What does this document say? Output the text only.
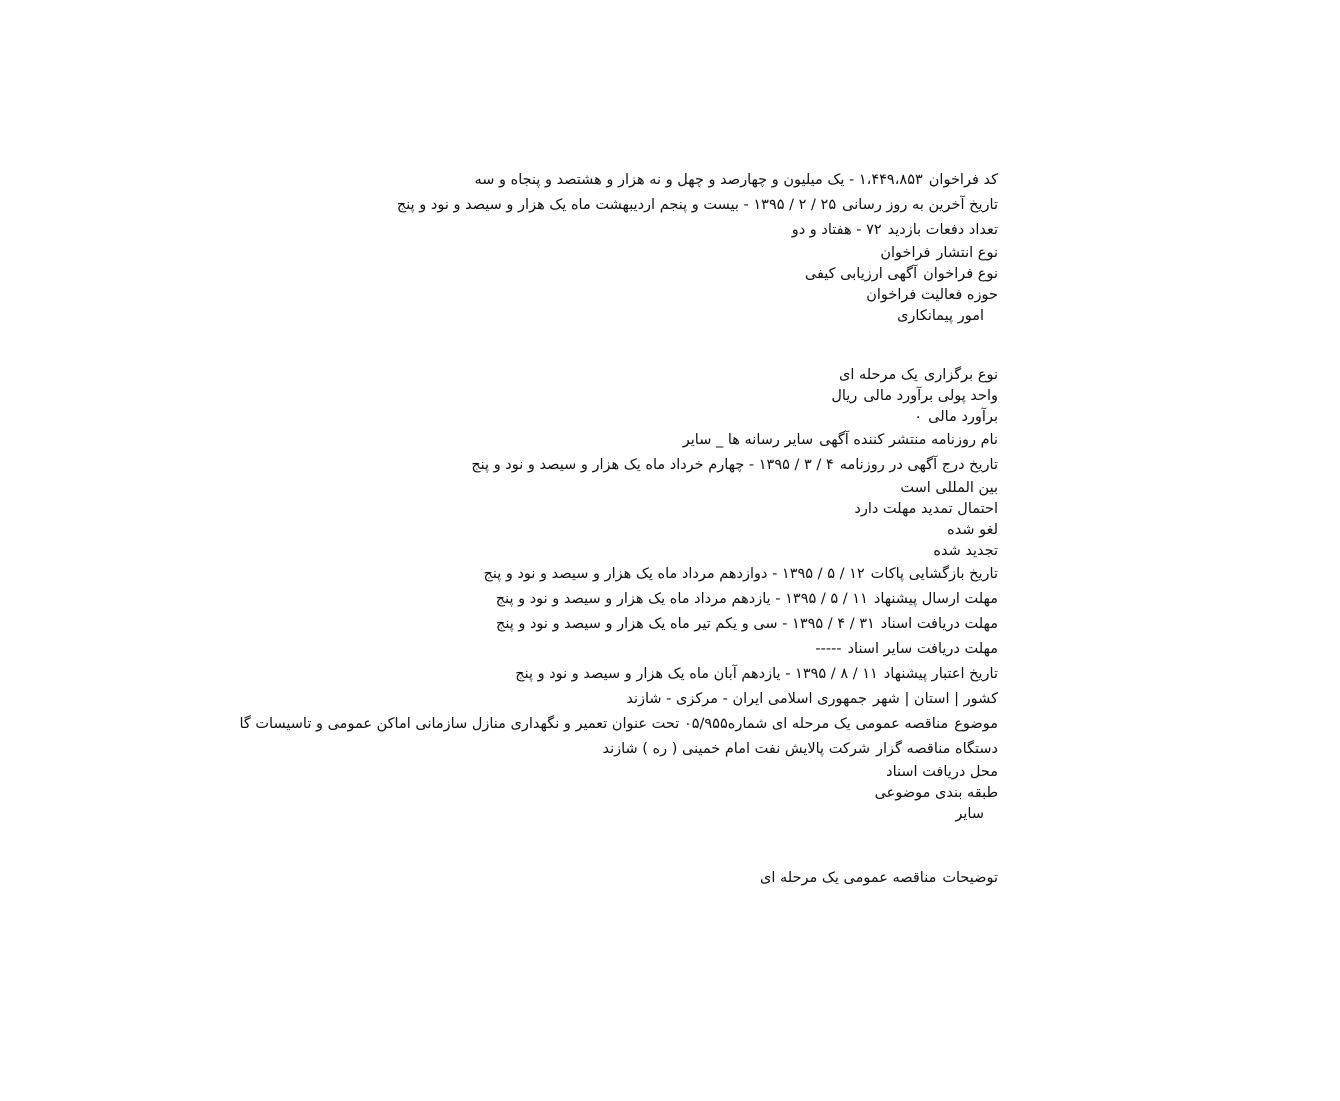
کد فراخوان۱،۴۴۹،۸۵۳ - یک میلیون و چهارصد و چهل و نه هزار و هشتصد و پنجاه و سه
تاریخ آخرین به روز رسانی۲۵ / ۲ / ۱۳۹۵ - بیست و پنجم اردیبهشت ماه یک هزار و سیصد و نود و پنج
تعداد دفعات بازدید۷۲ - هفتاد و دو
نوع انتشارفراخوان
نوع فراخوانآگهی ارزیابی کیفی
حوزه فعالیت فراخوان
امور پیمانکاری
نوع برگزارییک مرحله ای
واحد پولی برآورد مالیریال
برآورد مالی۰
نام روزنامه منتشر کننده آگهیسایر رسانه ها _ سایر
تاریخ درج آگهی در روزنامه۴ / ۳ / ۱۳۹۵ - چهارم خرداد ماه یک هزار و سیصد و نود و پنج
بین المللی است
احتمال تمدید مهلت دارد
لغو شده
تجدید شده
تاریخ بازگشایی پاکات۱۲ / ۵ / ۱۳۹۵ - دوازدهم مرداد ماه یک هزار و سیصد و نود و پنج
مهلت ارسال پیشنهاد۱۱ / ۵ / ۱۳۹۵ - یازدهم مرداد ماه یک هزار و سیصد و نود و پنج
مهلت دریافت اسناد۳۱ / ۴ / ۱۳۹۵ - سی و یکم تیر ماه یک هزار و سیصد و نود و پنج
مهلت دریافت سایر اسناد-----
تاریخ اعتبار پیشنهاد۱۱ / ۸ / ۱۳۹۵ - یازدهم آبان ماه یک هزار و سیصد و نود و پنج
کشور | استان | شهرجمهوری اسلامی ایران - مرکزی - شازند
موضوعمناقصه عمومی یک مرحله ای شماره۰۵/۹۵۵ تحت عنوان تعمیر و نگهداری منازل سازمانی اماکن عمومی و تاسیسات گا
دستگاه مناقصه گزارشرکت پالایش نفت امام خمینی ( ره ) شازند
محل دریافت اسناد
طبقه بندی موضوعی
سایر
توضیحاتمناقصه عمومی یک مرحله ای
